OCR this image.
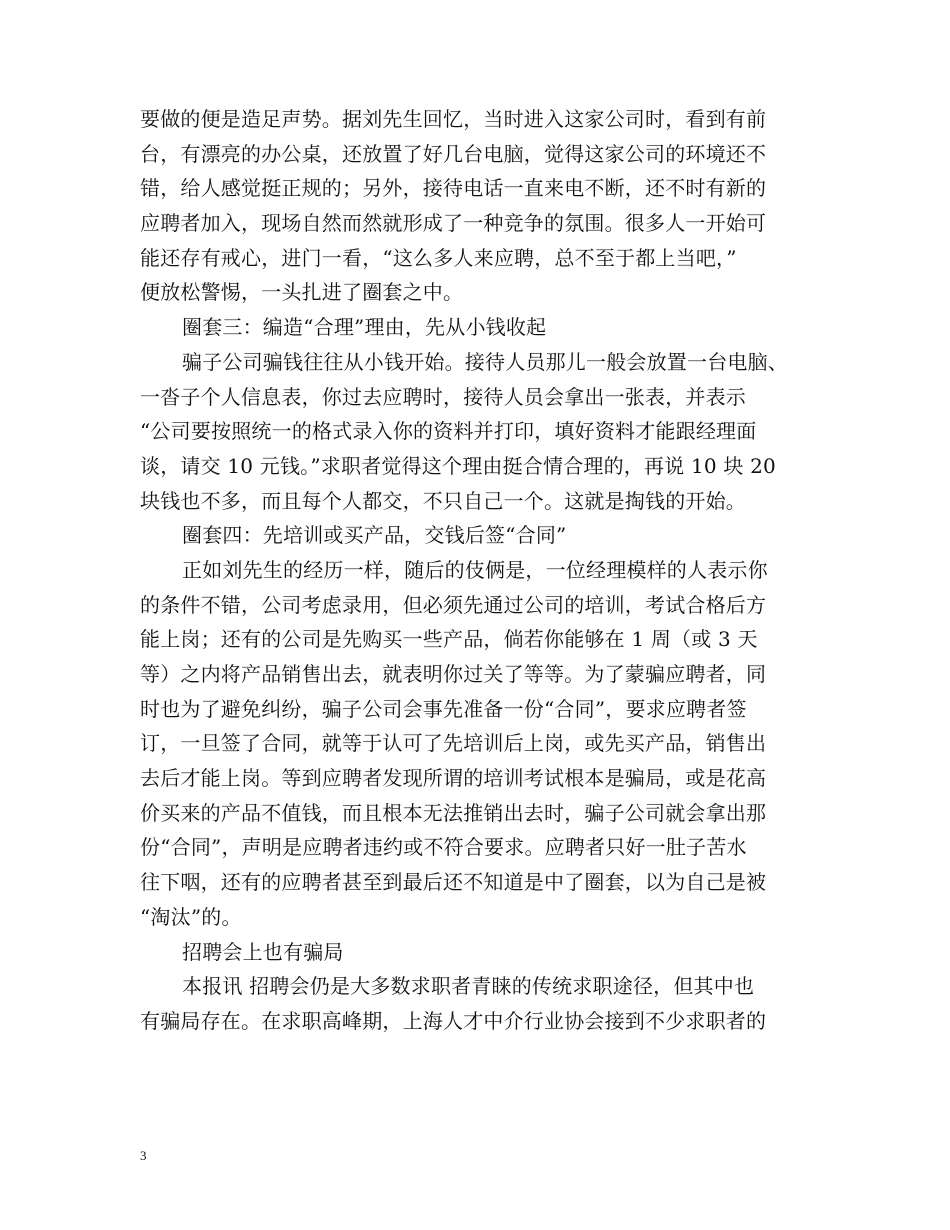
要做的便是造足声势。据刘先生回忆，当时进入这家公司时，看到有前
台，有漂亮的办公桌，还放置了好几台电脑，觉得这家公司的环境还不
错，给人感觉挺正规的；另外，接待电话一直来电不断，还不时有新的
应聘者加入，现场自然而然就形成了一种竞争的氛围。很多人一开始可
能还存有戒心，进门一看，“这么多人来应聘，总不至于都上当吧，”
便放松警惕，一头扎进了圈套之中。
圈套三：编造“合理”理由，先从小钱收起
骗子公司骗钱往往从小钱开始。接待人员那儿一般会放置一台电脑、
一沓子个人信息表，你过去应聘时，接待人员会拿出一张表，并表示
“公司要按照统一的格式录入你的资料并打印，填好资料才能跟经理面
谈，请交 10 元钱。”求职者觉得这个理由挺合情合理的，再说 10 块 20
块钱也不多，而且每个人都交，不只自己一个。这就是掏钱的开始。
圈套四：先培训或买产品，交钱后签“合同”
正如刘先生的经历一样，随后的伎俩是，一位经理模样的人表示你
的条件不错，公司考虑录用，但必须先通过公司的培训，考试合格后方
能上岗；还有的公司是先购买一些产品，倘若你能够在 1 周（或 3 天
等）之内将产品销售出去，就表明你过关了等等。为了蒙骗应聘者，同
时也为了避免纠纷，骗子公司会事先准备一份“合同”，要求应聘者签
订，一旦签了合同，就等于认可了先培训后上岗，或先买产品，销售出
去后才能上岗。等到应聘者发现所谓的培训考试根本是骗局，或是花高
价买来的产品不值钱，而且根本无法推销出去时，骗子公司就会拿出那
份“合同”，声明是应聘者违约或不符合要求。应聘者只好一肚子苦水
往下咽，还有的应聘者甚至到最后还不知道是中了圈套，以为自己是被
“淘汰”的。
招聘会上也有骗局
本报讯 招聘会仍是大多数求职者青睐的传统求职途径，但其中也
有骗局存在。在求职高峰期，上海人才中介行业协会接到不少求职者的
3
